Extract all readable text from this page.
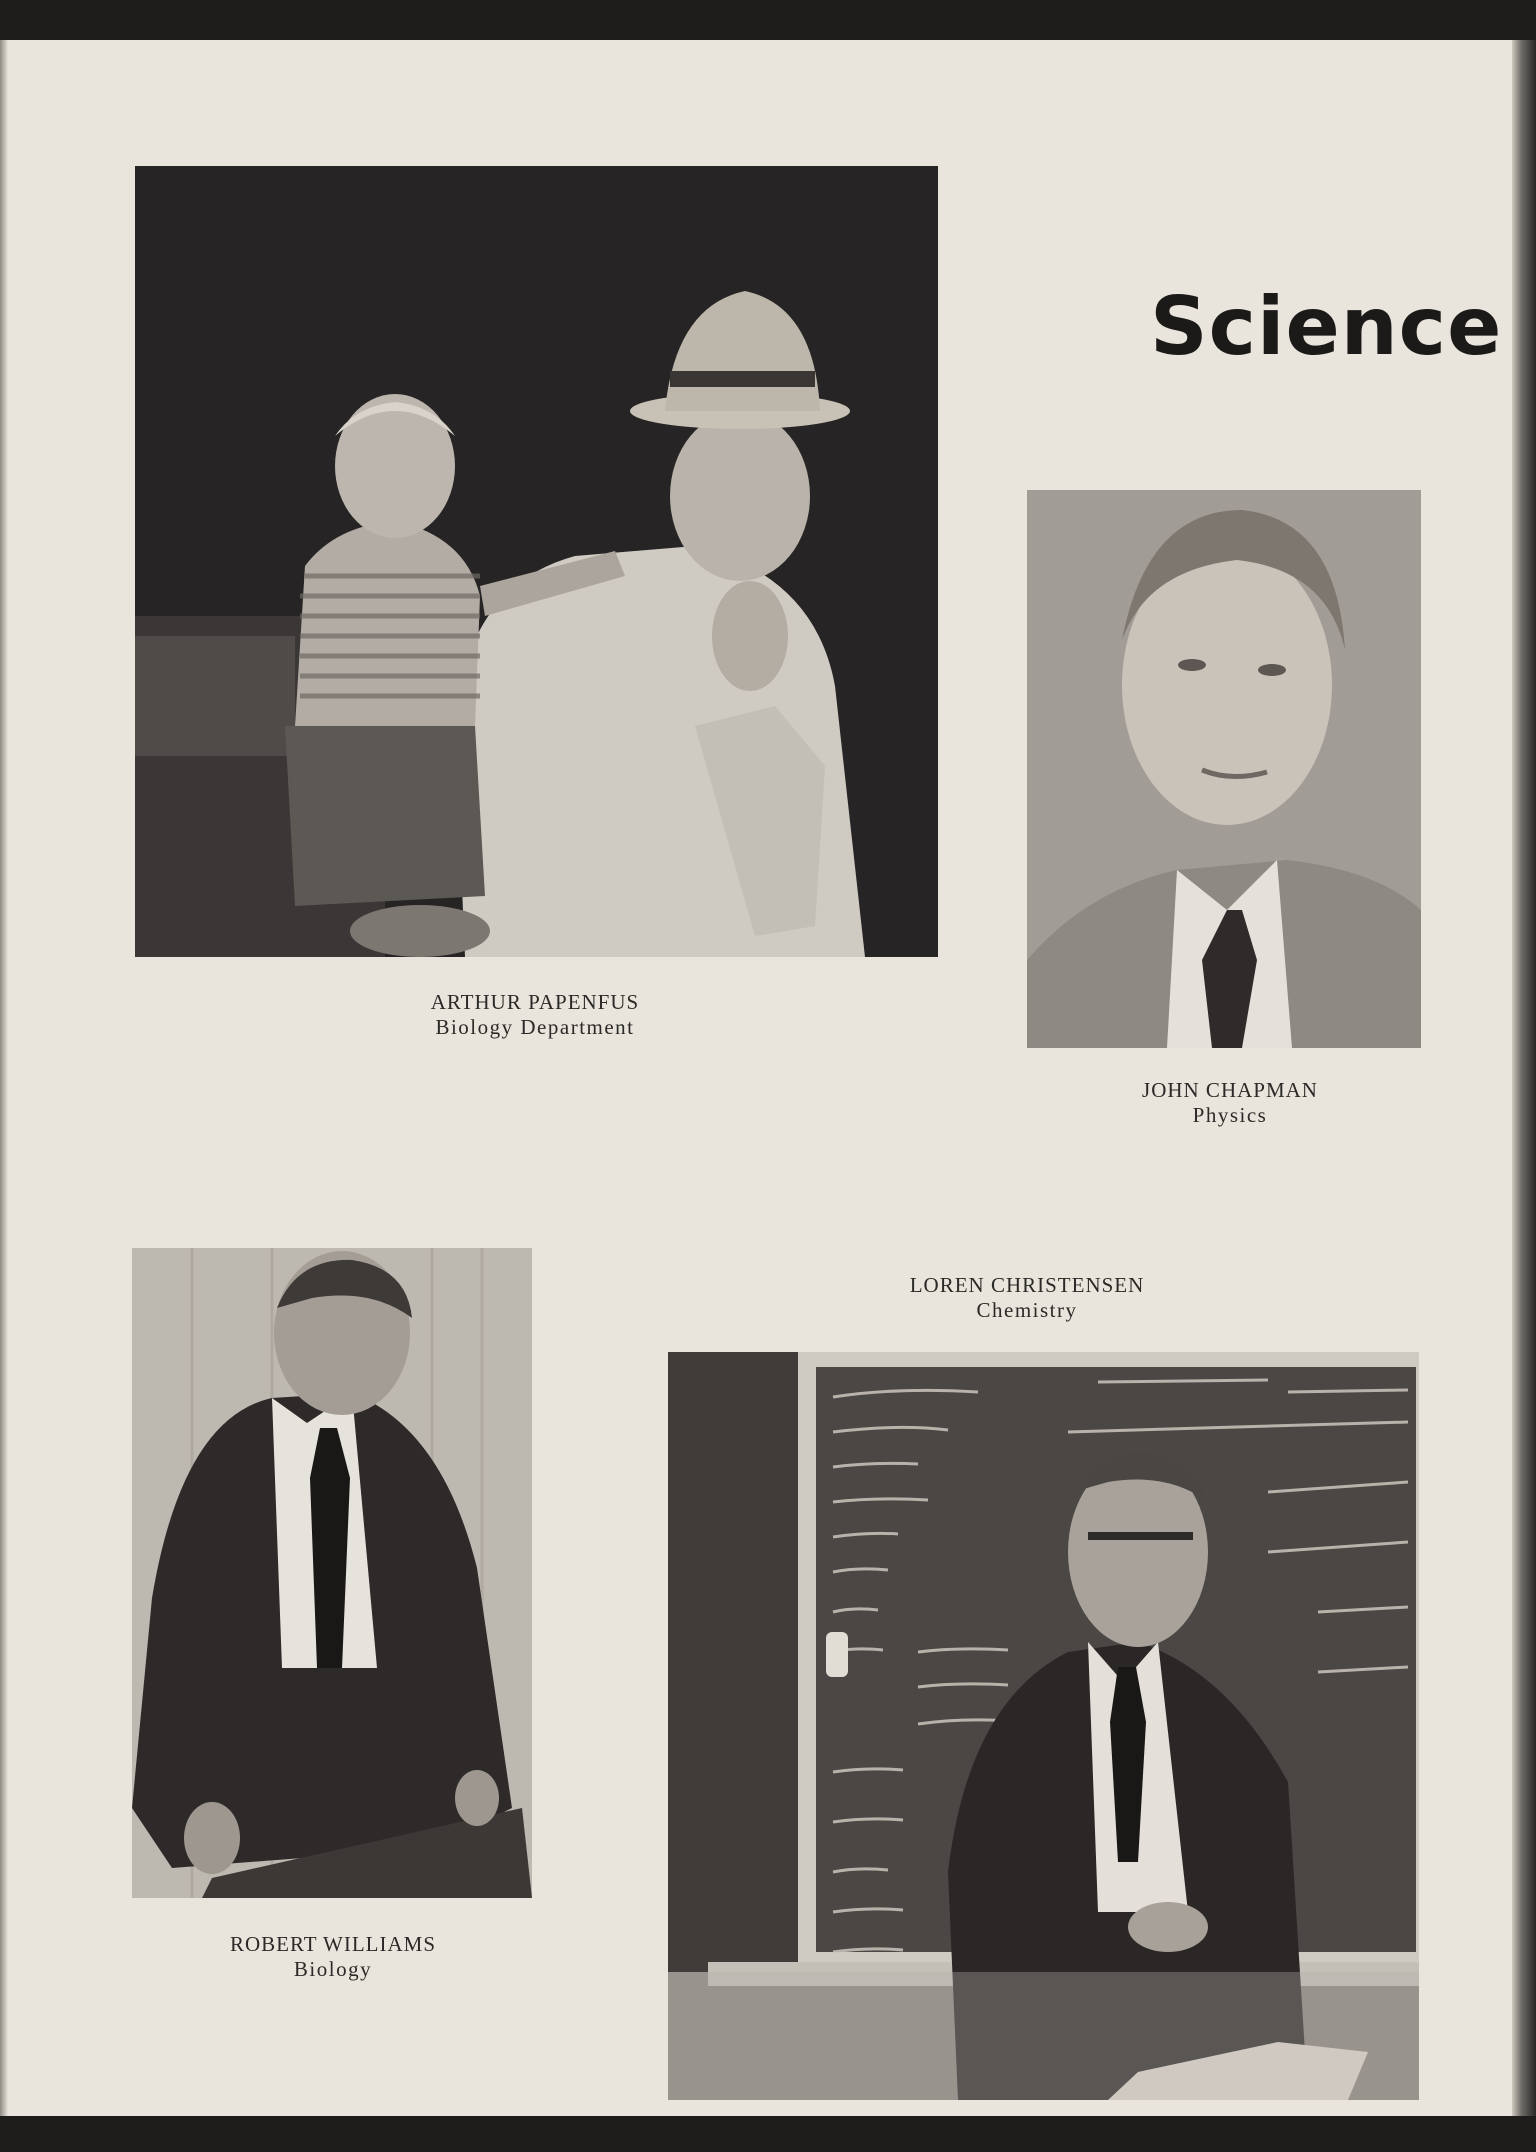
Science
ARTHUR PAPENFUS
Biology Department
JOHN CHAPMAN
Physics
LOREN CHRISTENSEN
Chemistry
ROBERT WILLIAMS
Biology
